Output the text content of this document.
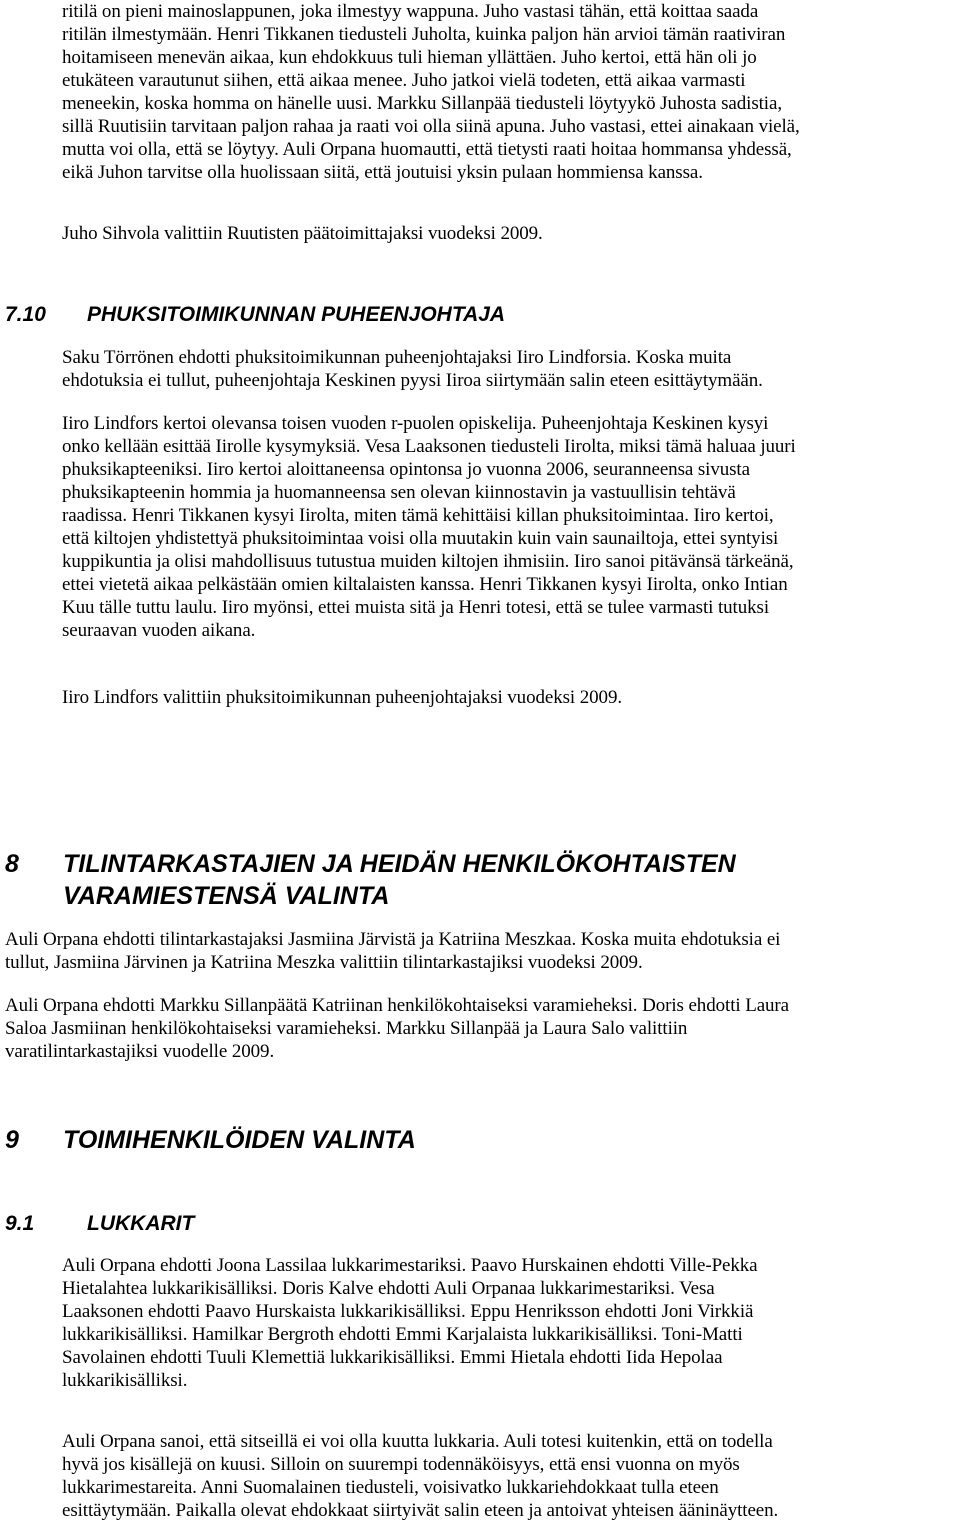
ritilä on pieni mainoslappunen, joka ilmestyy wappuna. Juho vastasi tähän, että koittaa saada
ritilän ilmestymään. Henri Tikkanen tiedusteli Juholta, kuinka paljon hän arvioi tämän raativiran
hoitamiseen menevän aikaa, kun ehdokkuus tuli hieman yllättäen. Juho kertoi, että hän oli jo
etukäteen varautunut siihen, että aikaa menee. Juho jatkoi vielä todeten, että aikaa varmasti
meneekin, koska homma on hänelle uusi. Markku Sillanpää tiedusteli löytyykö Juhosta sadistia,
sillä Ruutisiin tarvitaan paljon rahaa ja raati voi olla siinä apuna. Juho vastasi, ettei ainakaan vielä,
mutta voi olla, että se löytyy. Auli Orpana huomautti, että tietysti raati hoitaa hommansa yhdessä,
eikä Juhon tarvitse olla huolissaan siitä, että joutuisi yksin pulaan hommiensa kanssa.
Juho Sihvola valittiin Ruutisten päätoimittajaksi vuodeksi 2009.
7.10 PHUKSITOIMIKUNNAN PUHEENJOHTAJA
Saku Törrönen ehdotti phuksitoimikunnan puheenjohtajaksi Iiro Lindforsia. Koska muita
ehdotuksia ei tullut, puheenjohtaja Keskinen pyysi Iiroa siirtymään salin eteen esittäytymään.
Iiro Lindfors kertoi olevansa toisen vuoden r-puolen opiskelija. Puheenjohtaja Keskinen kysyi
onko kellään esittää Iirolle kysymyksiä. Vesa Laaksonen tiedusteli Iirolta, miksi tämä haluaa juuri
phuksikapteeniksi. Iiro kertoi aloittaneensa opintonsa jo vuonna 2006, seuranneensa sivusta
phuksikapteenin hommia ja huomanneensa sen olevan kiinnostavin ja vastuullisin tehtävä
raadissa. Henri Tikkanen kysyi Iirolta, miten tämä kehittäisi killan phuksitoimintaa. Iiro kertoi,
että kiltojen yhdistettyä phuksitoimintaa voisi olla muutakin kuin vain saunailtoja, ettei syntyisi
kuppikuntia ja olisi mahdollisuus tutustua muiden kiltojen ihmisiin. Iiro sanoi pitävänsä tärkeänä,
ettei vietetä aikaa pelkästään omien kiltalaisten kanssa. Henri Tikkanen kysyi Iirolta, onko Intian
Kuu tälle tuttu laulu. Iiro myönsi, ettei muista sitä ja Henri totesi, että se tulee varmasti tutuksi
seuraavan vuoden aikana.
Iiro Lindfors valittiin phuksitoimikunnan puheenjohtajaksi vuodeksi 2009.
8 TILINTARKASTAJIEN JA HEIDÄN HENKILÖKOHTAISTEN
VARAMIESTENSÄ VALINTA
Auli Orpana ehdotti tilintarkastajaksi Jasmiina Järvistä ja Katriina Meszkaa. Koska muita ehdotuksia ei
tullut, Jasmiina Järvinen ja Katriina Meszka valittiin tilintarkastajiksi vuodeksi 2009.
Auli Orpana ehdotti Markku Sillanpäätä Katriinan henkilökohtaiseksi varamieheksi. Doris ehdotti Laura
Saloa Jasmiinan henkilökohtaiseksi varamieheksi. Markku Sillanpää ja Laura Salo valittiin
varatilintarkastajiksi vuodelle 2009.
9 TOIMIHENKILÖIDEN VALINTA
9.1	LUKKARIT
Auli Orpana ehdotti Joona Lassilaa lukkarimestariksi. Paavo Hurskainen ehdotti Ville-Pekka
Hietalahtea lukkarikisälliksi. Doris Kalve ehdotti Auli Orpanaa lukkarimestariksi. Vesa
Laaksonen ehdotti Paavo Hurskaista lukkarikisälliksi. Eppu Henriksson ehdotti Joni Virkkiä
lukkarikisälliksi. Hamilkar Bergroth ehdotti Emmi Karjalaista lukkarikisälliksi. Toni-Matti
Savolainen ehdotti Tuuli Klemettiä lukkarikisälliksi. Emmi Hietala ehdotti Iida Hepolaa
lukkarikisälliksi.
Auli Orpana sanoi, että sitseillä ei voi olla kuutta lukkaria. Auli totesi kuitenkin, että on todella
hyvä jos kisällejä on kuusi. Silloin on suurempi todennäköisyys, että ensi vuonna on myös
lukkarimestareita. Anni Suomalainen tiedusteli, voisivatko lukkariehdokkaat tulla eteen
esittäytymään. Paikalla olevat ehdokkaat siirtyivät salin eteen ja antoivat yhteisen ääninäytteen.
